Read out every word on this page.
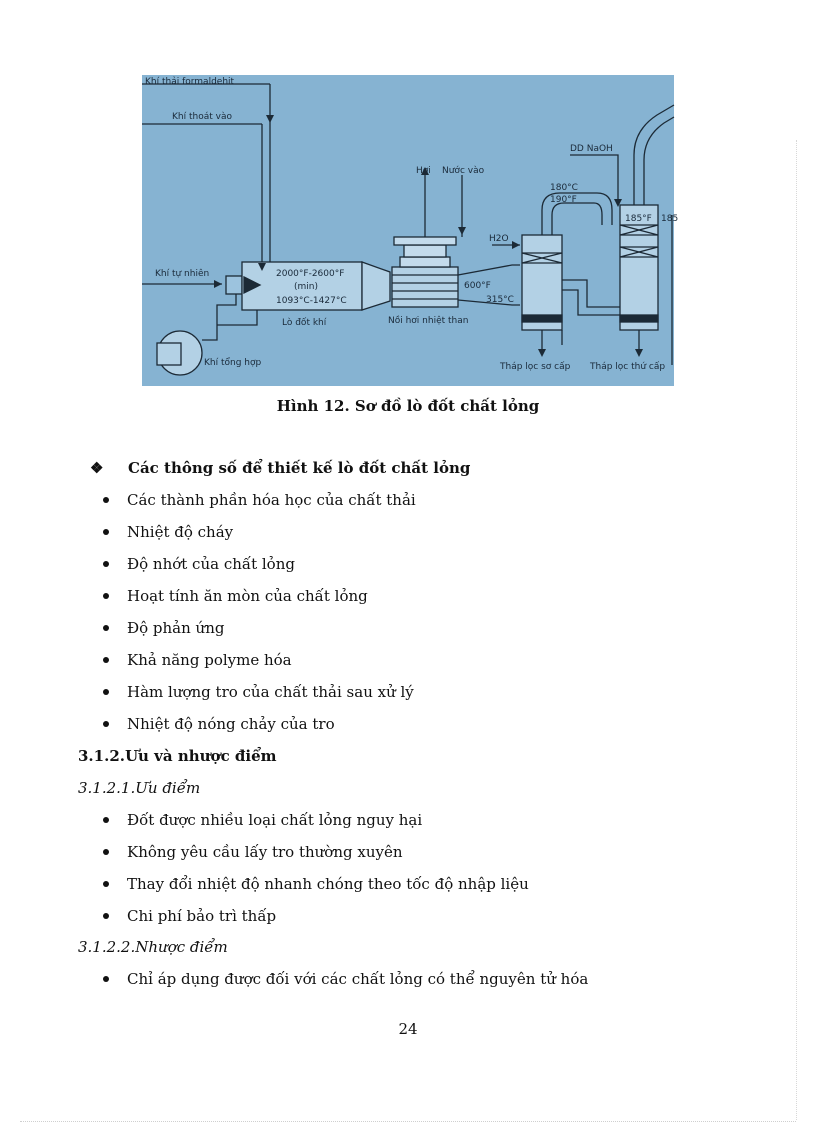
Khí thải formaldehit
Khí thoát vào
Khí tự nhiên
Khí tổng hợp
2000°F-2600°F
(min)
1093°C-1427°C
Lò đốt khí
Hơi Nước vào
Nồi hơi nhiệt than
600°F
315°C
180°C
190°F
H2O
DD NaOH
185°F 185
Tháp lọc sơ cấp Tháp lọc thứ cấp
Hình 12. Sơ đồ lò đốt chất lỏng
❖ Các thông số để thiết kế lò đốt chất lỏng
Các thành phần hóa học của chất thải
Nhiệt độ cháy
Độ nhớt của chất lỏng
Hoạt tính ăn mòn của chất lỏng
Độ phản ứng
Khả năng polyme hóa
Hàm lượng tro của chất thải sau xử lý
Nhiệt độ nóng chảy của tro
3.1.2.Ưu và nhược điểm
3.1.2.1.Ưu điểm
Đốt được nhiều loại chất lỏng nguy hại
Không yêu cầu lấy tro thường xuyên
Thay đổi nhiệt độ nhanh chóng theo tốc độ nhập liệu
Chi phí bảo trì thấp
3.1.2.2.Nhược điểm
Chỉ áp dụng được đối với các chất lỏng có thể nguyên tử hóa
24
